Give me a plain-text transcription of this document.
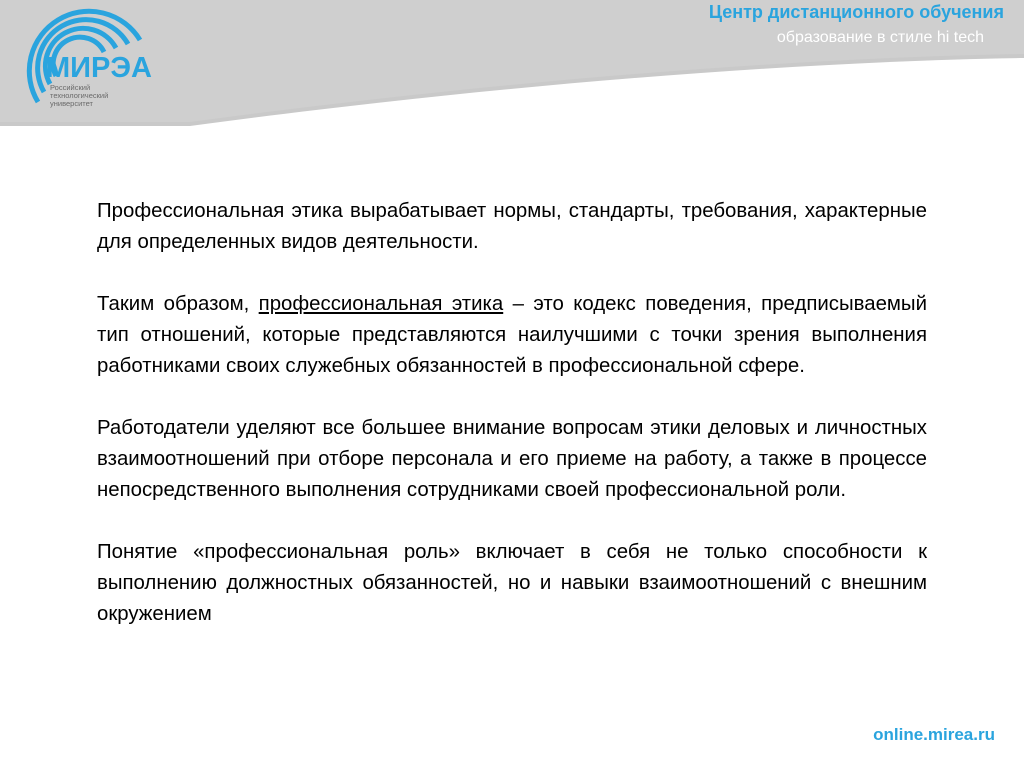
МИРЭА
Российский
технологический
университет
Центр дистанционного обучения
образование в стиле hi tech

Профессиональная этика вырабатывает нормы, стандарты, требования, характерные для определенных видов деятельности.

Таким образом, профессиональная этика – это кодекс поведения, предписываемый тип отношений, которые представляются наилучшими с точки зрения выполнения работниками своих служебных обязанностей в профессиональной сфере.

Работодатели уделяют все большее внимание вопросам этики деловых и личностных взаимоотношений при отборе персонала и его приеме на работу, а также в процессе непосредственного выполнения сотрудниками своей профессиональной роли.

Понятие «профессиональная роль» включает в себя не только способности к выполнению должностных обязанностей, но и навыки взаимоотношений с внешним окружением

online.mirea.ru
